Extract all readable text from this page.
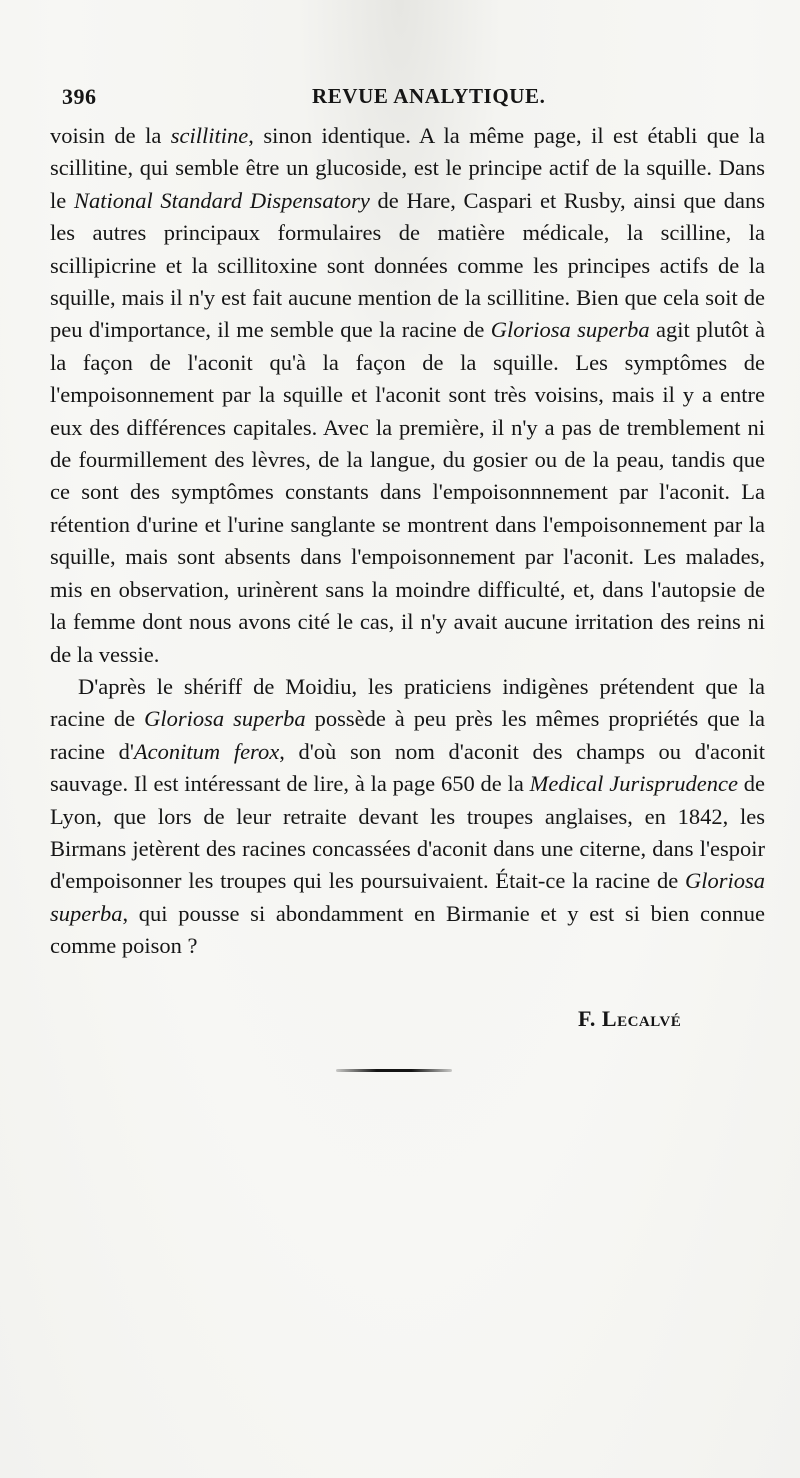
396	REVUE ANALYTIQUE.

voisin de la scillitine, sinon identique. A la même page, il est établi que la scillitine, qui semble être un glucoside, est le principe actif de la squille. Dans le National Standard Dispensatory de Hare, Caspari et Rusby, ainsi que dans les autres principaux formulaires de matière médicale, la scilline, la scillipicrine et la scillitoxine sont données comme les principes actifs de la squille, mais il n'y est fait aucune mention de la scillitine. Bien que cela soit de peu d'importance, il me semble que la racine de Gloriosa superba agit plutôt à la façon de l'aconit qu'à la façon de la squille. Les symptômes de l'empoisonnement par la squille et l'aconit sont très voisins, mais il y a entre eux des différences capitales. Avec la première, il n'y a pas de tremblement ni de fourmillement des lèvres, de la langue, du gosier ou de la peau, tandis que ce sont des symptômes constants dans l'empoisonnnement par l'aconit. La rétention d'urine et l'urine sanglante se montrent dans l'empoisonnement par la squille, mais sont absents dans l'empoisonnement par l'aconit. Les malades, mis en observation, urinèrent sans la moindre difficulté, et, dans l'autopsie de la femme dont nous avons cité le cas, il n'y avait aucune irritation des reins ni de la vessie.

D'après le shériff de Moidiu, les praticiens indigènes prétendent que la racine de Gloriosa superba possède à peu près les mêmes propriétés que la racine d'Aconitum ferox, d'où son nom d'aconit des champs ou d'aconit sauvage. Il est intéressant de lire, à la page 650 de la Medical Jurisprudence de Lyon, que lors de leur retraite devant les troupes anglaises, en 1842, les Birmans jetèrent des racines concassées d'aconit dans une citerne, dans l'espoir d'empoisonner les troupes qui les poursuivaient. Était-ce la racine de Gloriosa superba, qui pousse si abondamment en Birmanie et y est si bien connue comme poison ?

F. Lecalvé
